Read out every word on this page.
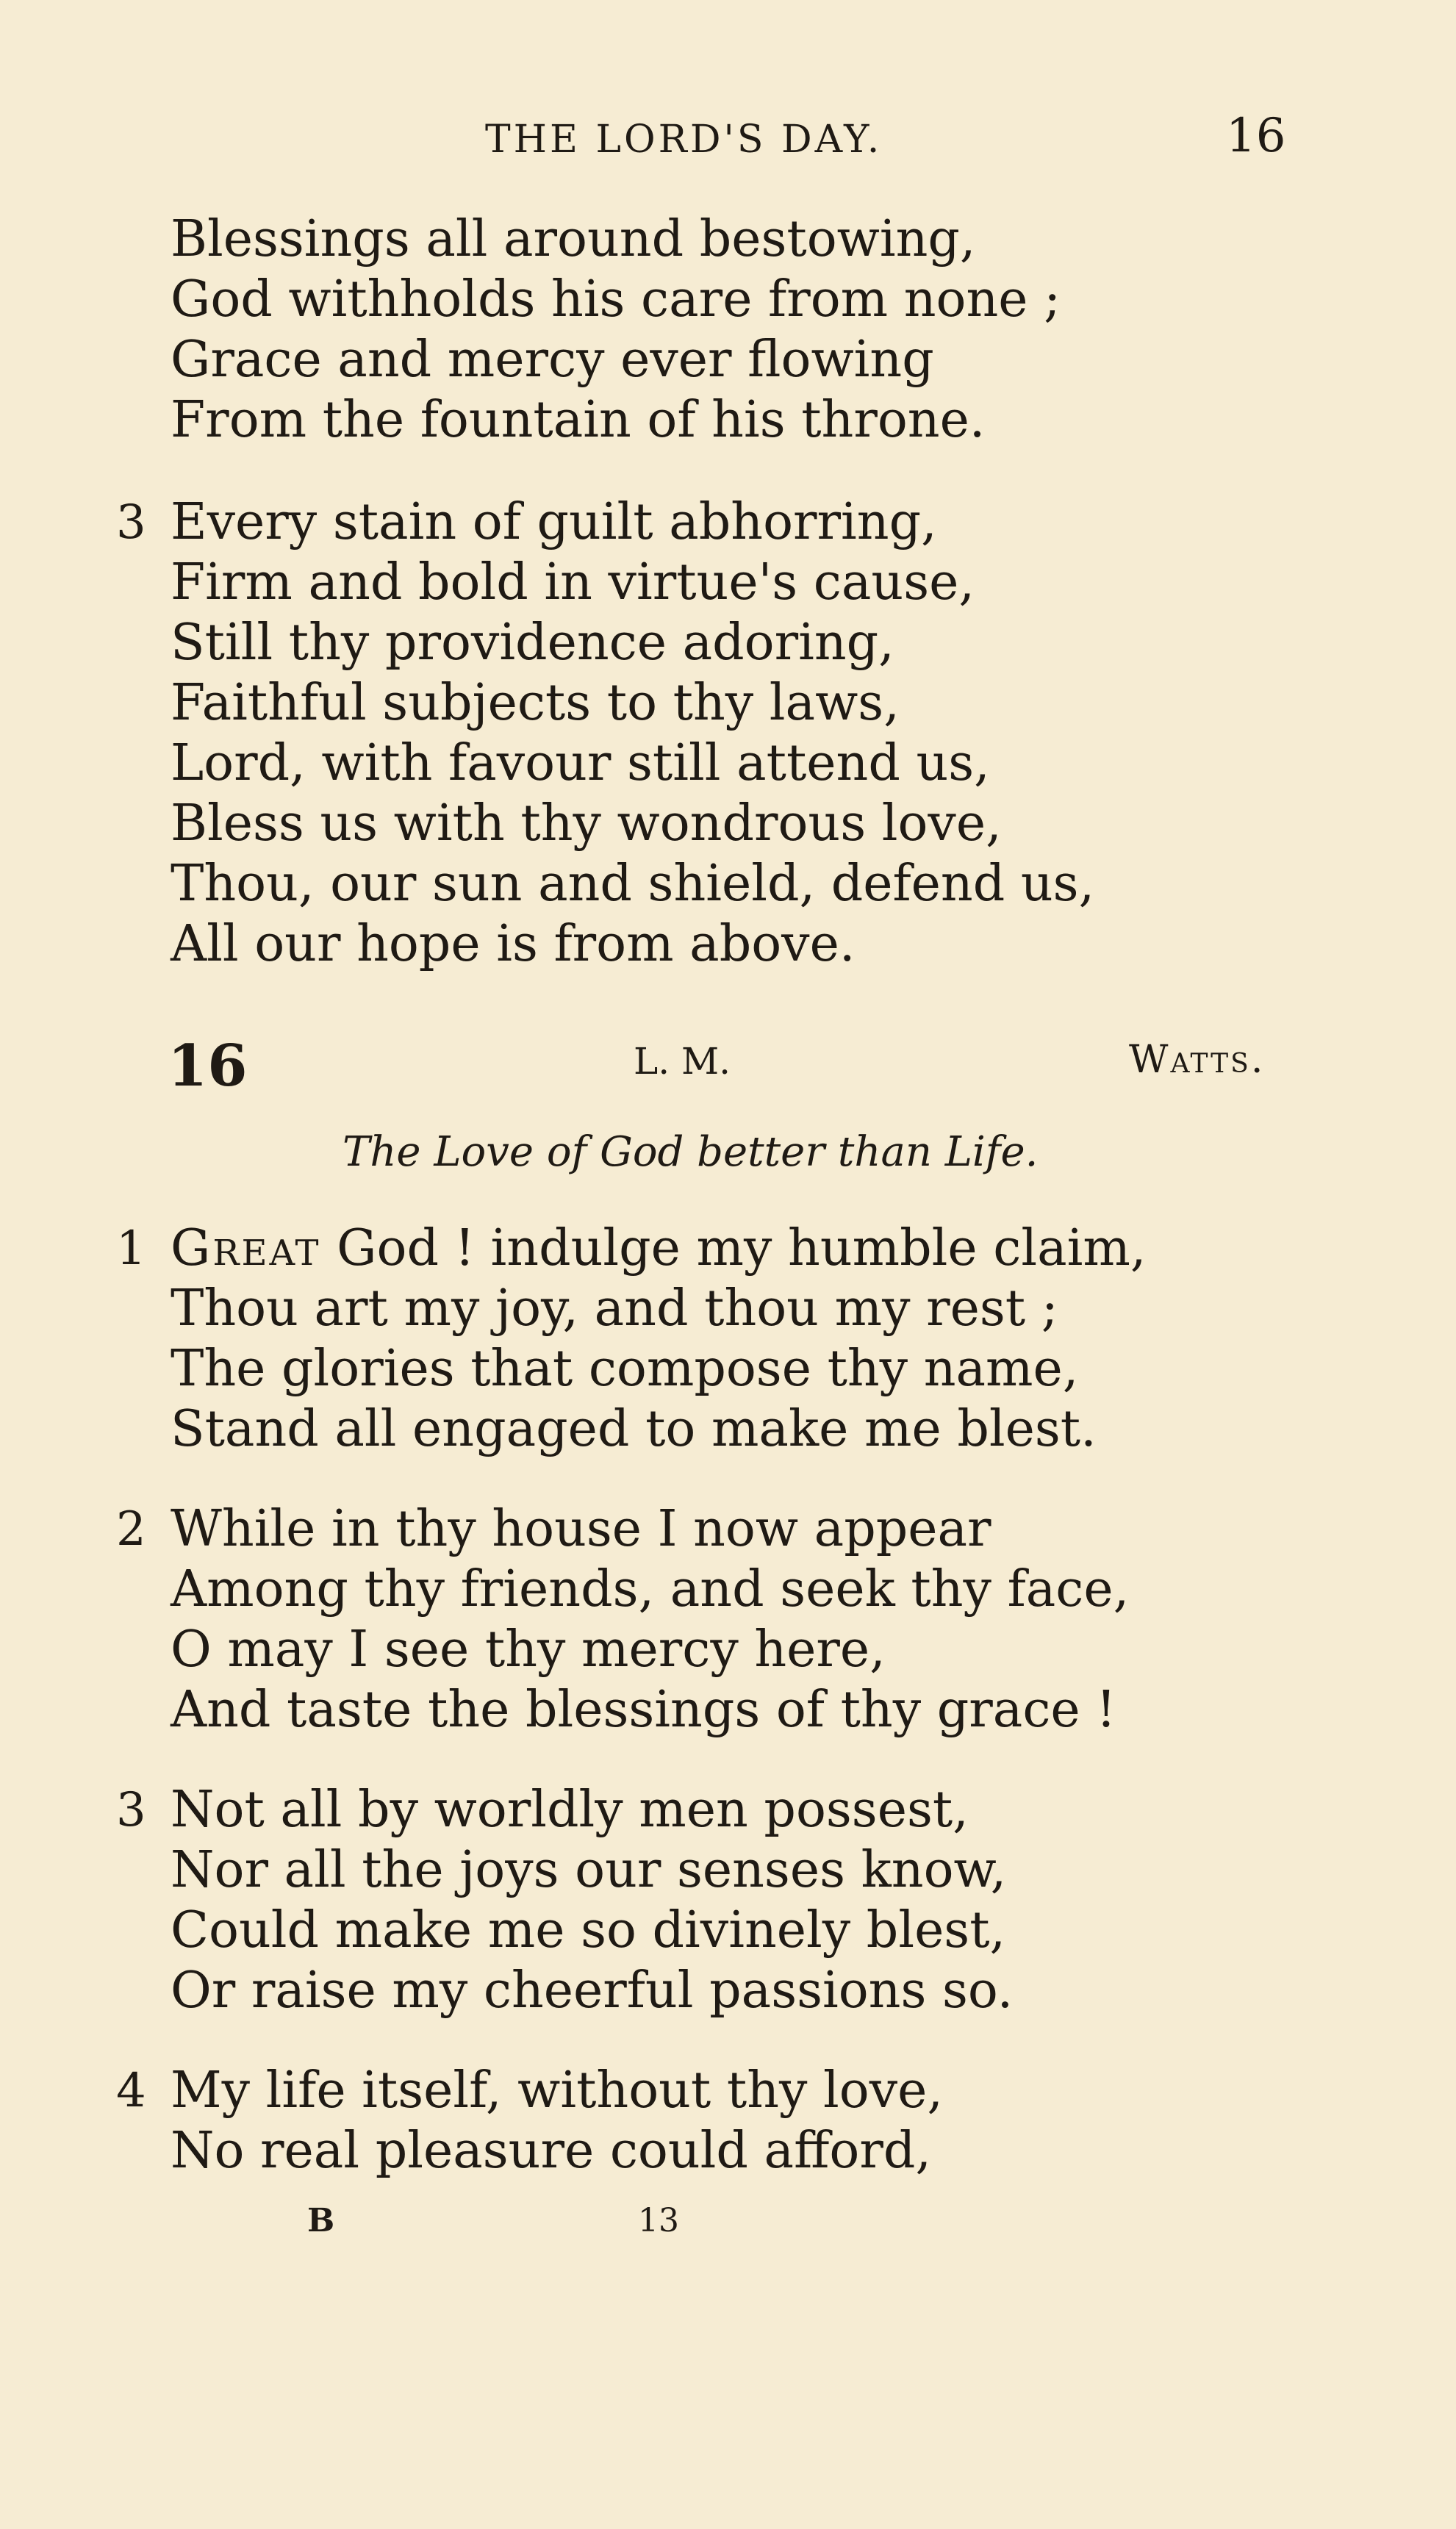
THE LORD'S DAY.	16
Blessings all around bestowing,
God withholds his care from none ;
Grace and mercy ever flowing
From the fountain of his throne.
3 Every stain of guilt abhorring,
Firm and bold in virtue's cause,
Still thy providence adoring,
Faithful subjects to thy laws,
Lord, with favour still attend us,
Bless us with thy wondrous love,
Thou, our sun and shield, defend us,
All our hope is from above.
16	L. M.	Watts.
The Love of God better than Life.
1 Great God ! indulge my humble claim,
Thou art my joy, and thou my rest ;
The glories that compose thy name,
Stand all engaged to make me blest.
2 While in thy house I now appear
Among thy friends, and seek thy face,
O may I see thy mercy here,
And taste the blessings of thy grace !
3 Not all by worldly men possest,
Nor all the joys our senses know,
Could make me so divinely blest,
Or raise my cheerful passions so.
4 My life itself, without thy love,
No real pleasure could afford,
B	13
